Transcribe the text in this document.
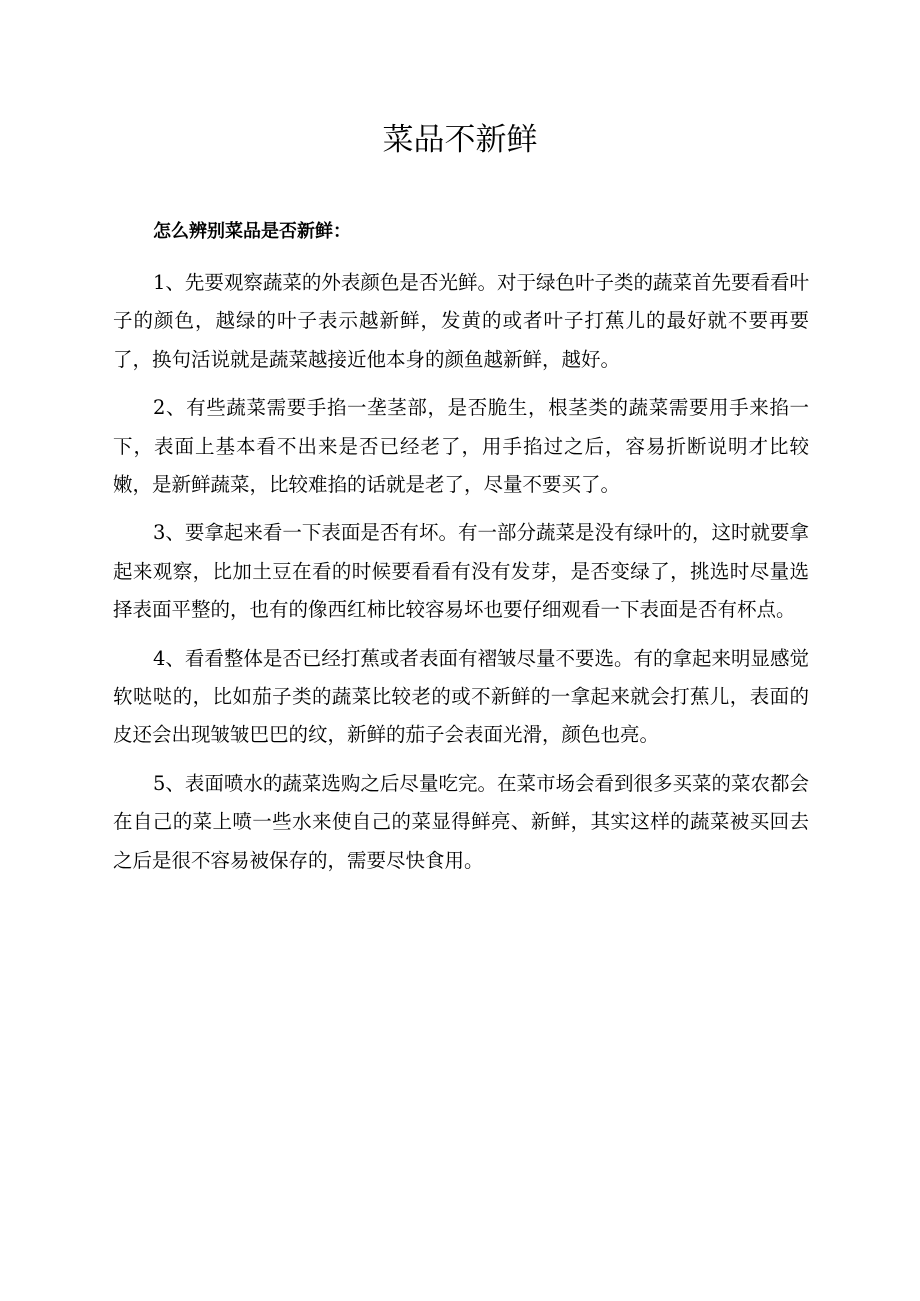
菜品不新鲜

怎么辨别菜品是否新鲜：

1、先要观察蔬菜的外表颜色是否光鲜。对于绿色叶子类的蔬菜首先要看看叶子的颜色，越绿的叶子表示越新鲜，发黄的或者叶子打蕉儿的最好就不要再要了，换句活说就是蔬菜越接近他本身的颜鱼越新鲜，越好。

2、有些蔬菜需要手掐一垄茎部，是否脆生，根茎类的蔬菜需要用手来掐一下，表面上基本看不出来是否已经老了，用手掐过之后，容易折断说明才比较嫩，是新鲜蔬菜，比较难掐的话就是老了，尽量不要买了。

3、要拿起来看一下表面是否有坏。有一部分蔬菜是没有绿叶的，这时就要拿起来观察，比加土豆在看的时候要看看有没有发芽，是否变绿了，挑选时尽量选择表面平整的，也有的像西红柿比较容易坏也要仔细观看一下表面是否有杯点。

4、看看整体是否已经打蕉或者表面有褶皱尽量不要选。有的拿起来明显感觉软哒哒的，比如茄子类的蔬菜比较老的或不新鲜的一拿起来就会打蕉儿，表面的皮还会出现皱皱巴巴的纹，新鲜的茄子会表面光滑，颜色也亮。

5、表面喷水的蔬菜选购之后尽量吃完。在菜市场会看到很多买菜的菜农都会在自己的菜上喷一些水来使自己的菜显得鲜亮、新鲜，其实这样的蔬菜被买回去之后是很不容易被保存的，需要尽快食用。
